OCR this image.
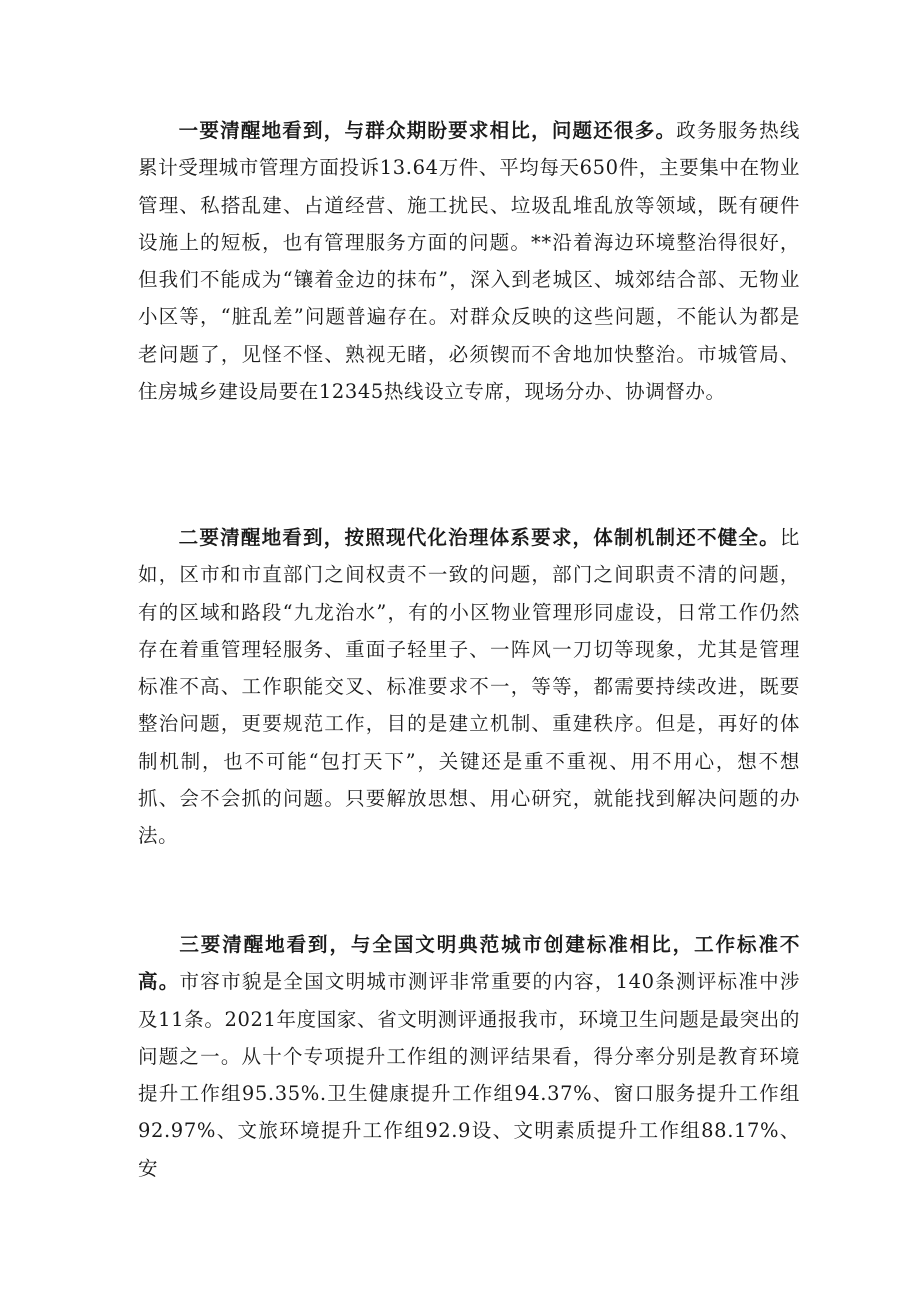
一要清醒地看到，与群众期盼要求相比，问题还很多。政务服务热线累计受理城市管理方面投诉13.64万件、平均每天650件，主要集中在物业管理、私搭乱建、占道经营、施工扰民、垃圾乱堆乱放等领域，既有硬件设施上的短板，也有管理服务方面的问题。**沿着海边环境整治得很好，但我们不能成为“镶着金边的抹布”，深入到老城区、城郊结合部、无物业小区等，“脏乱差”问题普遍存在。对群众反映的这些问题，不能认为都是老问题了，见怪不怪、熟视无睹，必须锲而不舍地加快整治。市城管局、住房城乡建设局要在12345热线设立专席，现场分办、协调督办。

二要清醒地看到，按照现代化治理体系要求，体制机制还不健全。比如，区市和市直部门之间权责不一致的问题，部门之间职责不清的问题，有的区域和路段“九龙治水”，有的小区物业管理形同虚设，日常工作仍然存在着重管理轻服务、重面子轻里子、一阵风一刀切等现象，尤其是管理标准不高、工作职能交叉、标准要求不一，等等，都需要持续改进，既要整治问题，更要规范工作，目的是建立机制、重建秩序。但是，再好的体制机制，也不可能“包打天下”，关键还是重不重视、用不用心，想不想抓、会不会抓的问题。只要解放思想、用心研究，就能找到解决问题的办法。

三要清醒地看到，与全国文明典范城市创建标准相比，工作标准不高。市容市貌是全国文明城市测评非常重要的内容，140条测评标准中涉及11条。2021年度国家、省文明测评通报我市，环境卫生问题是最突出的问题之一。从十个专项提升工作组的测评结果看，得分率分别是教育环境提升工作组95.35%.卫生健康提升工作组94.37%、窗口服务提升工作组92.97%、文旅环境提升工作组92.9设、文明素质提升工作组88.17%、安
